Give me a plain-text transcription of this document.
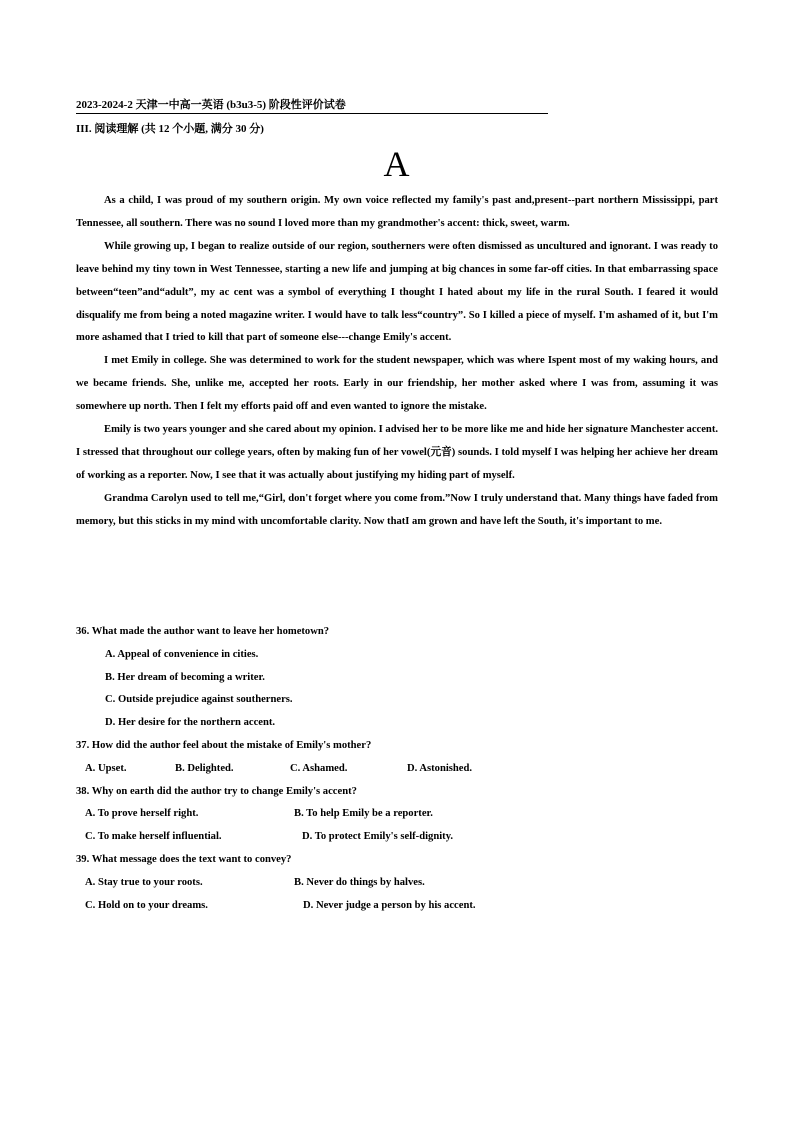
2023-2024-2 天津一中高一英语 (b3u3-5) 阶段性评价试卷
III. 阅读理解 (共 12 个小题, 满分 30 分)
A

As a child, I was proud of my southern origin. My own voice reflected my family's past and,present--part northern Mississippi, part Tennessee, all southern. There was no sound I loved more than my grandmother's accent: thick, sweet, warm.

While growing up, I began to realize outside of our region, southerners were often dismissed as uncultured and ignorant. I was ready to leave behind my tiny town in West Tennessee, starting a new life and jumping at big chances in some far-off cities. In that embarrassing space between“teen”and“adult”, my ac cent was a symbol of everything I thought I hated about my life in the rural South. I feared it would disqualify me from being a noted magazine writer. I would have to talk less“country”. So I killed a piece of myself. I'm ashamed of it, but I'm more ashamed that I tried to kill that part of someone else---change Emily's accent.

I met Emily in college. She was determined to work for the student newspaper, which was where Ispent most of my waking hours, and we became friends. She, unlike me, accepted her roots. Early in our friendship, her mother asked where I was from, assuming it was somewhere up north. Then I felt my efforts paid off and even wanted to ignore the mistake.

Emily is two years younger and she cared about my opinion. I advised her to be more like me and hide her signature Manchester accent. I stressed that throughout our college years, often by making fun of her vowel(元音) sounds. I told myself I was helping her achieve her dream of working as a reporter. Now, I see that it was actually about justifying my hiding part of myself.

Grandma Carolyn used to tell me,“Girl, don't forget where you come from.”Now I truly understand that. Many things have faded from memory, but this sticks in my mind with uncomfortable clarity. Now thatI am grown and have left the South, it's important to me.

36. What made the author want to leave her hometown?
A. Appeal of convenience in cities.
B. Her dream of becoming a writer.
C. Outside prejudice against southerners.
D. Her desire for the northern accent.
37. How did the author feel about the mistake of Emily's mother?
A. Upset.	B. Delighted.	C. Ashamed.	D. Astonished.
38. Why on earth did the author try to change Emily's accent?
A. To prove herself right.	B. To help Emily be a reporter.
C. To make herself influential.	D. To protect Emily's self-dignity.
39. What message does the text want to convey?
A. Stay true to your roots.	B. Never do things by halves.
C. Hold on to your dreams.	D. Never judge a person by his accent.
